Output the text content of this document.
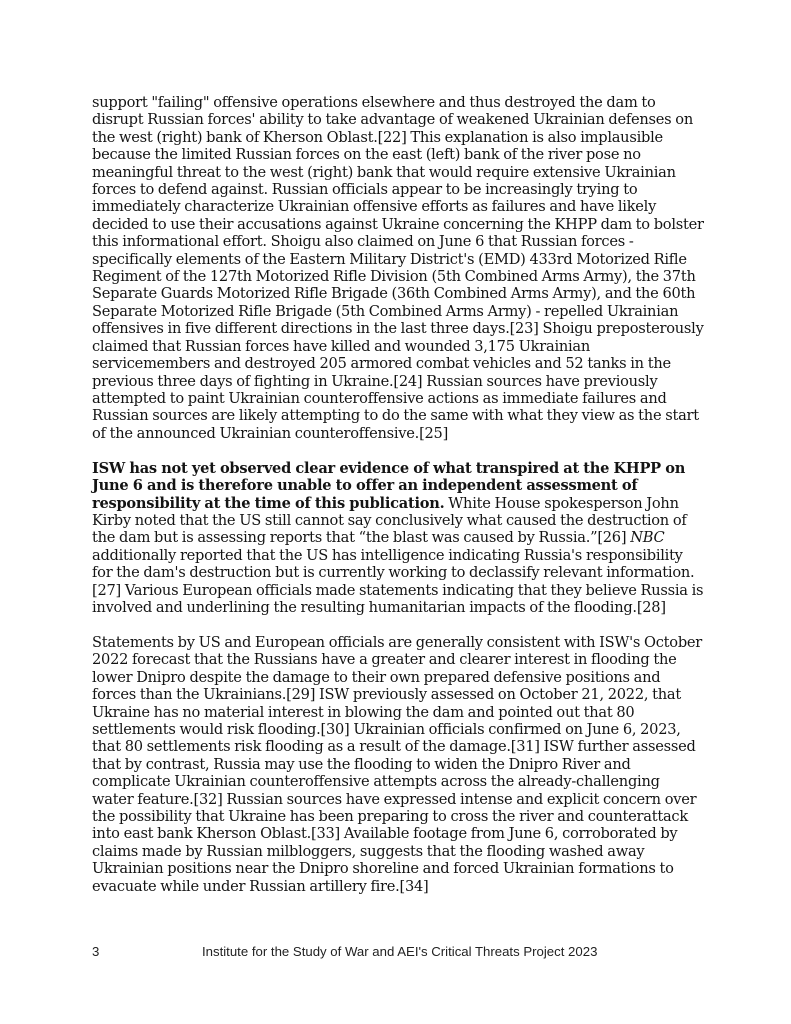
support "failing" offensive operations elsewhere and thus destroyed the dam to disrupt Russian forces' ability to take advantage of weakened Ukrainian defenses on the west (right) bank of Kherson Oblast.[22] This explanation is also implausible because the limited Russian forces on the east (left) bank of the river pose no meaningful threat to the west (right) bank that would require extensive Ukrainian forces to defend against. Russian officials appear to be increasingly trying to immediately characterize Ukrainian offensive efforts as failures and have likely decided to use their accusations against Ukraine concerning the KHPP dam to bolster this informational effort. Shoigu also claimed on June 6 that Russian forces - specifically elements of the Eastern Military District's (EMD) 433rd Motorized Rifle Regiment of the 127th Motorized Rifle Division (5th Combined Arms Army), the 37th Separate Guards Motorized Rifle Brigade (36th Combined Arms Army), and the 60th Separate Motorized Rifle Brigade (5th Combined Arms Army) - repelled Ukrainian offensives in five different directions in the last three days.[23] Shoigu preposterously claimed that Russian forces have killed and wounded 3,175 Ukrainian servicemembers and destroyed 205 armored combat vehicles and 52 tanks in the previous three days of fighting in Ukraine.[24] Russian sources have previously attempted to paint Ukrainian counteroffensive actions as immediate failures and Russian sources are likely attempting to do the same with what they view as the start of the announced Ukrainian counteroffensive.[25]

ISW has not yet observed clear evidence of what transpired at the KHPP on June 6 and is therefore unable to offer an independent assessment of responsibility at the time of this publication. White House spokesperson John Kirby noted that the US still cannot say conclusively what caused the destruction of the dam but is assessing reports that “the blast was caused by Russia.”[26] NBC additionally reported that the US has intelligence indicating Russia's responsibility for the dam's destruction but is currently working to declassify relevant information.[27] Various European officials made statements indicating that they believe Russia is involved and underlining the resulting humanitarian impacts of the flooding.[28]

Statements by US and European officials are generally consistent with ISW's October 2022 forecast that the Russians have a greater and clearer interest in flooding the lower Dnipro despite the damage to their own prepared defensive positions and forces than the Ukrainians.[29] ISW previously assessed on October 21, 2022, that Ukraine has no material interest in blowing the dam and pointed out that 80 settlements would risk flooding.[30] Ukrainian officials confirmed on June 6, 2023, that 80 settlements risk flooding as a result of the damage.[31] ISW further assessed that by contrast, Russia may use the flooding to widen the Dnipro River and complicate Ukrainian counteroffensive attempts across the already-challenging water feature.[32] Russian sources have expressed intense and explicit concern over the possibility that Ukraine has been preparing to cross the river and counterattack into east bank Kherson Oblast.[33] Available footage from June 6, corroborated by claims made by Russian milbloggers, suggests that the flooding washed away Ukrainian positions near the Dnipro shoreline and forced Ukrainian formations to evacuate while under Russian artillery fire.[34]

3	Institute for the Study of War and AEI's Critical Threats Project 2023
